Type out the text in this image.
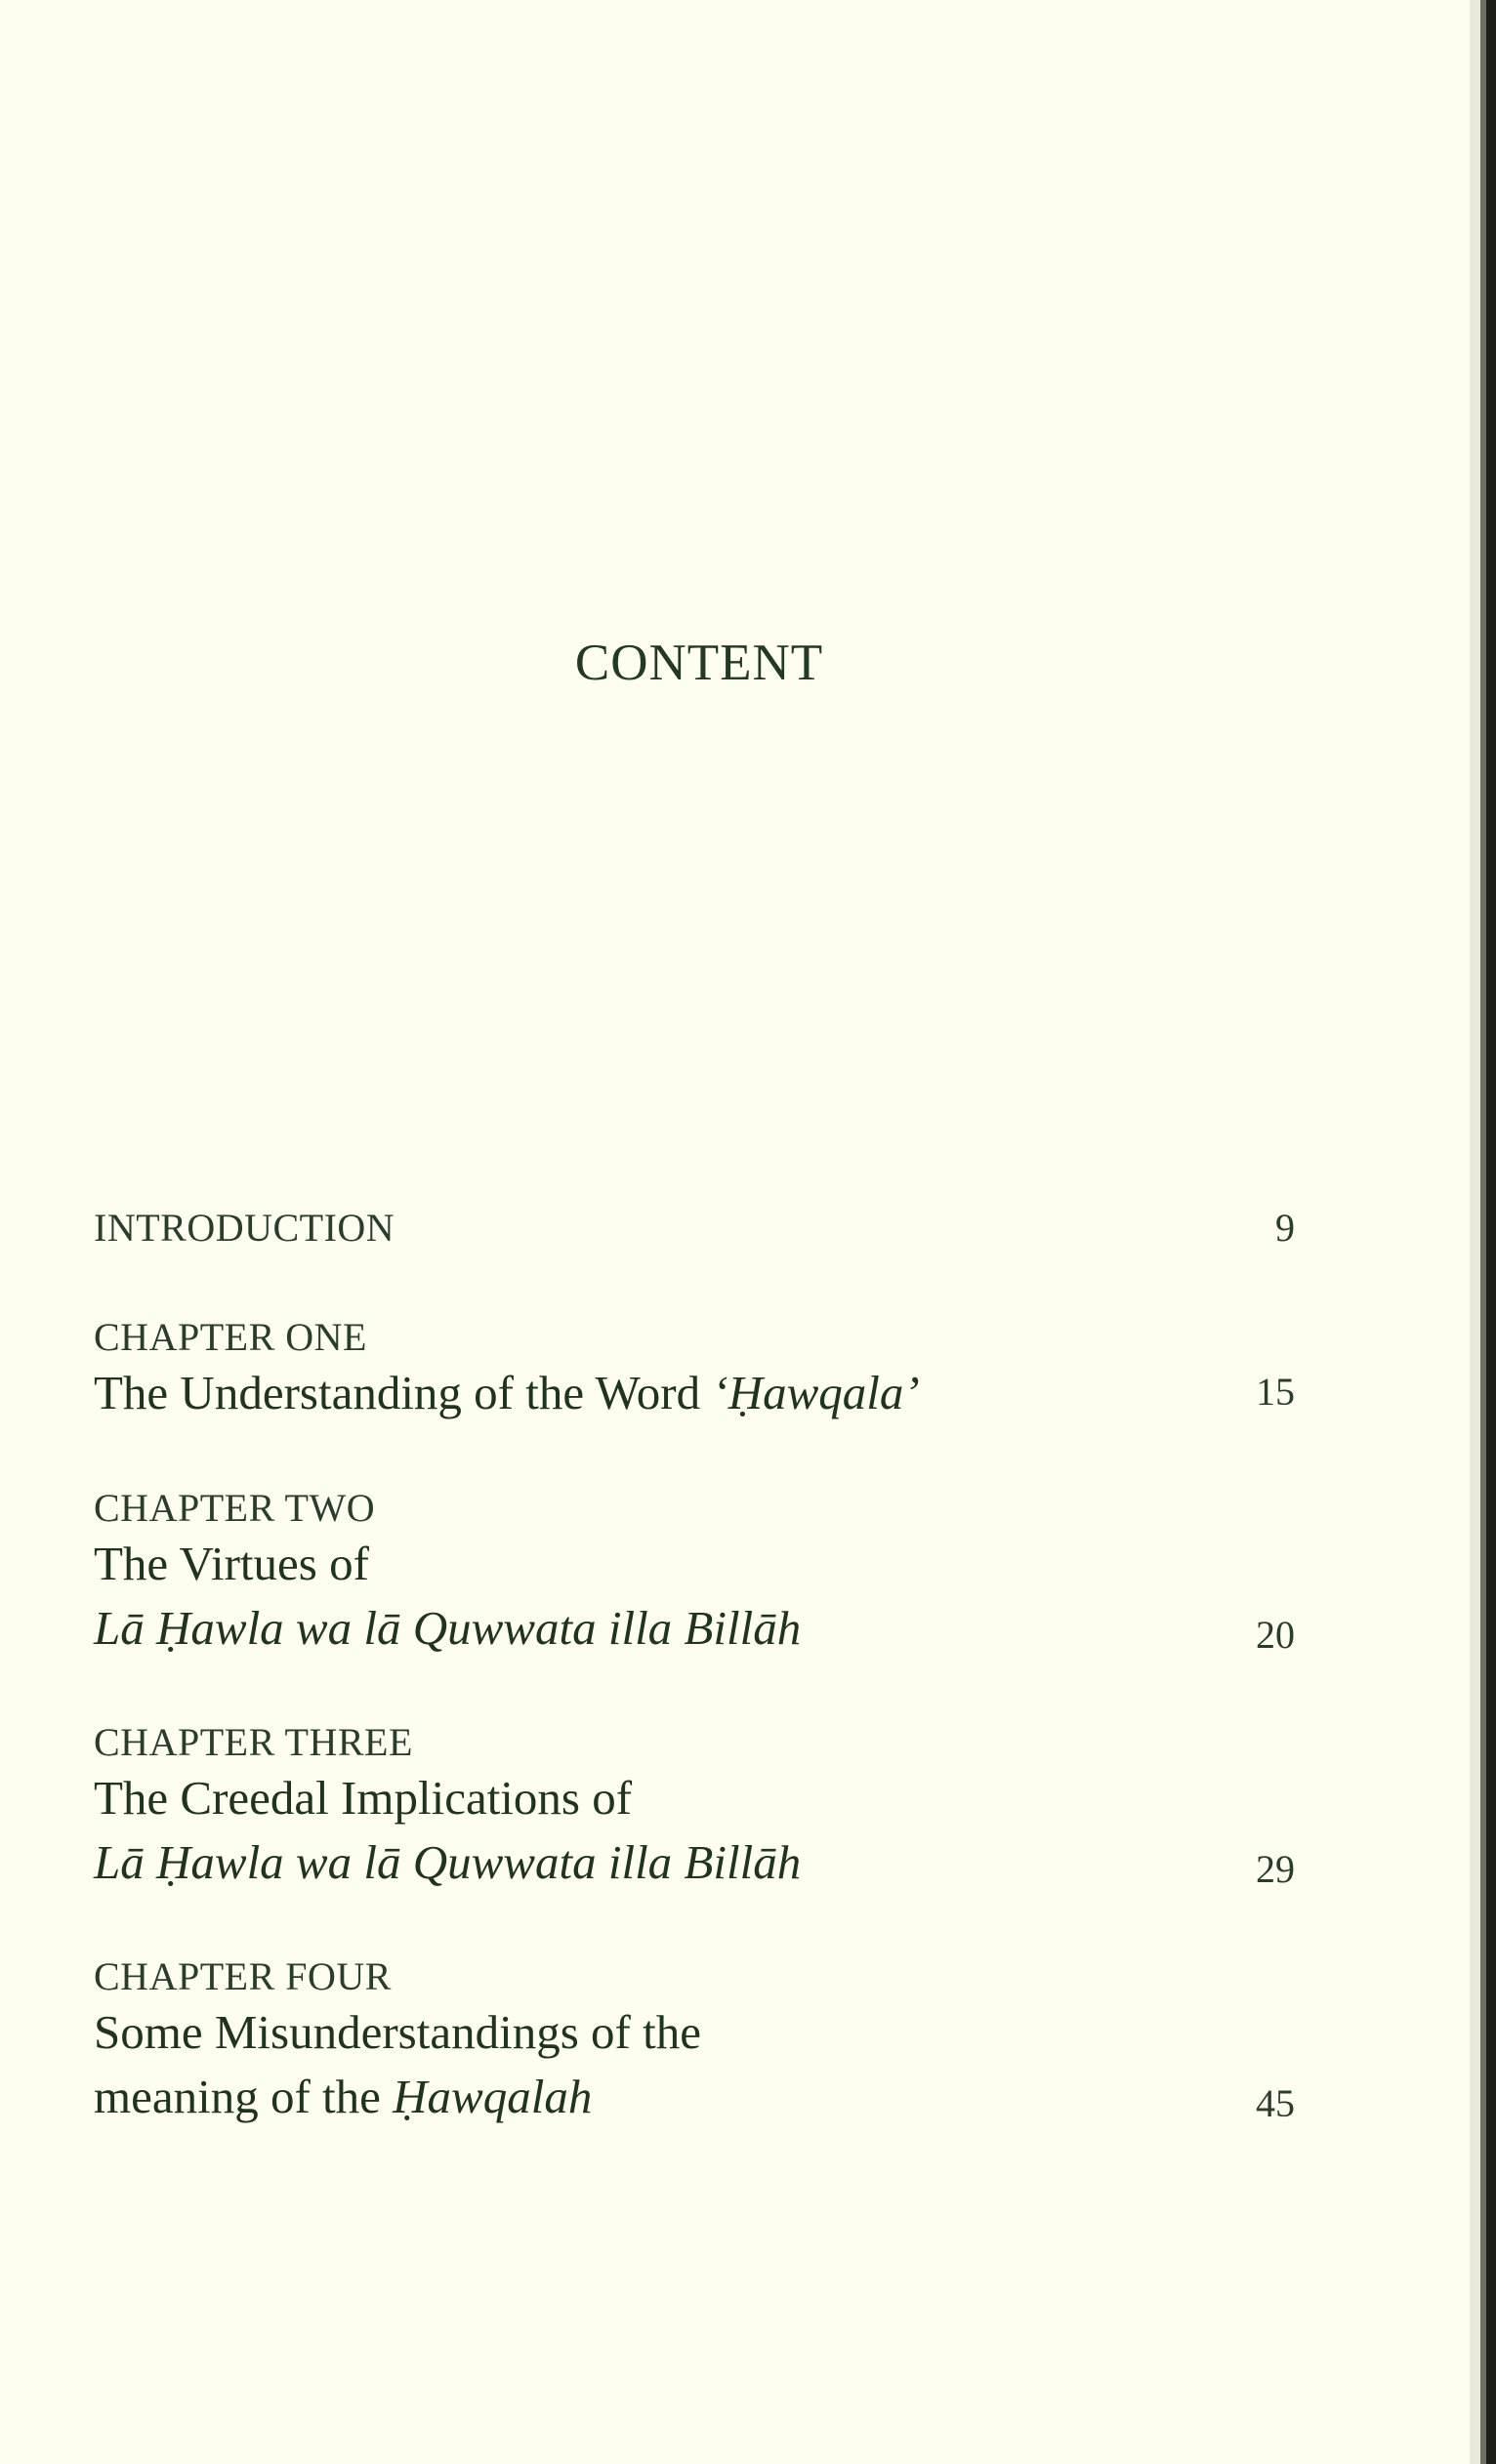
CONTENT
INTRODUCTION	9
CHAPTER ONE
The Understanding of the Word ‘Ḥawqala’	15
CHAPTER TWO
The Virtues of
Lā Ḥawla wa lā Quwwata illa Billāh	20
CHAPTER THREE
The Creedal Implications of
Lā Ḥawla wa lā Quwwata illa Billāh	29
CHAPTER FOUR
Some Misunderstandings of the
meaning of the Ḥawqalah	45
